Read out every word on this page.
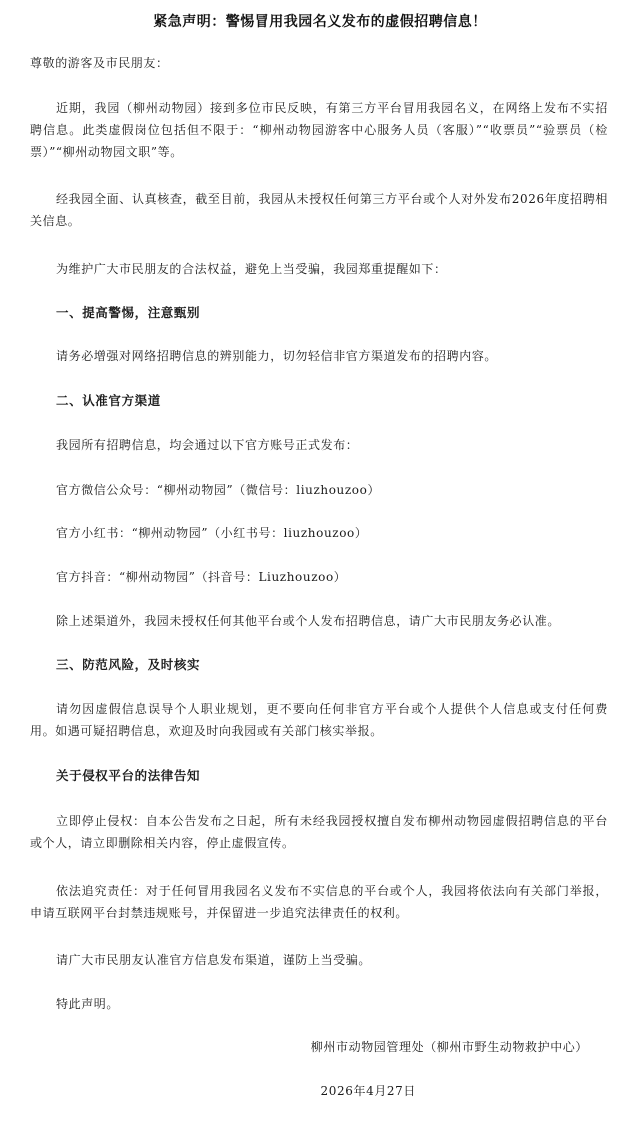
紧急声明：警惕冒用我园名义发布的虚假招聘信息！

尊敬的游客及市民朋友：

近期，我园（柳州动物园）接到多位市民反映，有第三方平台冒用我园名义，在网络上发布不实招聘信息。此类虚假岗位包括但不限于：“柳州动物园游客中心服务人员（客服）”“收票员”“验票员（检票）”“柳州动物园文职”等。

经我园全面、认真核查，截至目前，我园从未授权任何第三方平台或个人对外发布2026年度招聘相关信息。

为维护广大市民朋友的合法权益，避免上当受骗，我园郑重提醒如下：

一、提高警惕，注意甄别

请务必增强对网络招聘信息的辨别能力，切勿轻信非官方渠道发布的招聘内容。

二、认准官方渠道

我园所有招聘信息，均会通过以下官方账号正式发布：

官方微信公众号：“柳州动物园”（微信号：liuzhouzoo）

官方小红书：“柳州动物园”（小红书号：liuzhouzoo）

官方抖音：“柳州动物园”（抖音号：Liuzhouzoo）

除上述渠道外，我园未授权任何其他平台或个人发布招聘信息，请广大市民朋友务必认准。

三、防范风险，及时核实

请勿因虚假信息误导个人职业规划，更不要向任何非官方平台或个人提供个人信息或支付任何费用。如遇可疑招聘信息，欢迎及时向我园或有关部门核实举报。

关于侵权平台的法律告知

立即停止侵权：自本公告发布之日起，所有未经我园授权擅自发布柳州动物园虚假招聘信息的平台或个人，请立即删除相关内容，停止虚假宣传。

依法追究责任：对于任何冒用我园名义发布不实信息的平台或个人，我园将依法向有关部门举报，申请互联网平台封禁违规账号，并保留进一步追究法律责任的权利。

请广大市民朋友认准官方信息发布渠道，谨防上当受骗。

特此声明。

柳州市动物园管理处（柳州市野生动物救护中心）
2026年4月27日
